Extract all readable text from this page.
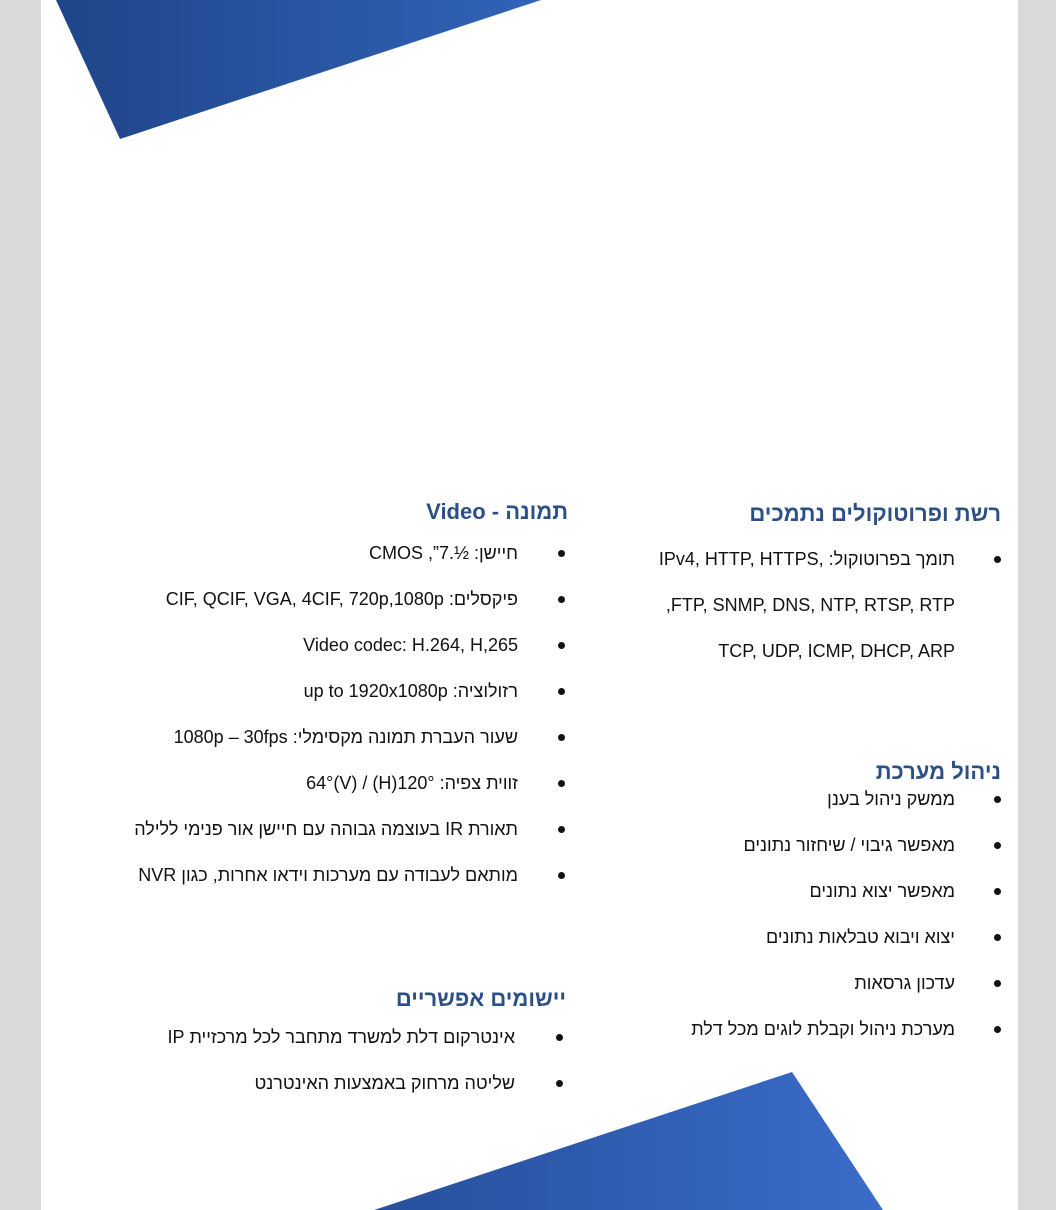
רשת ופרוטוקולים נתמכים
תומך בפרוטוקול: ,IPv4, HTTP, HTTPS
FTP, SNMP, DNS, NTP, RTSP, RTP,
TCP, UDP, ICMP, DHCP, ARP
ניהול מערכת
ממשק ניהול בענן
מאפשר גיבוי / שיחזור נתונים
מאפשר יצוא נתונים
יצוא ויבוא טבלאות נתונים
עדכון גרסאות
מערכת ניהול וקבלת לוגים מכל דלת
תמונה - Video
חיישן: ½.7”, CMOS
פיקסלים: CIF, QCIF, VGA, 4CIF, 720p,1080p
Video codec: H.264, H,265
רזולוציה: up to 1920x1080p
שעור העברת תמונה מקסימלי: 1080p – 30fps
זווית צפיה: 120°(H) / 64°(V)
תאורת IR בעוצמה גבוהה עם חיישן אור פנימי ללילה
מותאם לעבודה עם מערכות וידאו אחרות, כגון NVR
יישומים אפשריים
אינטרקום דלת למשרד מתחבר לכל מרכזיית IP
שליטה מרחוק באמצעות האינטרנט
